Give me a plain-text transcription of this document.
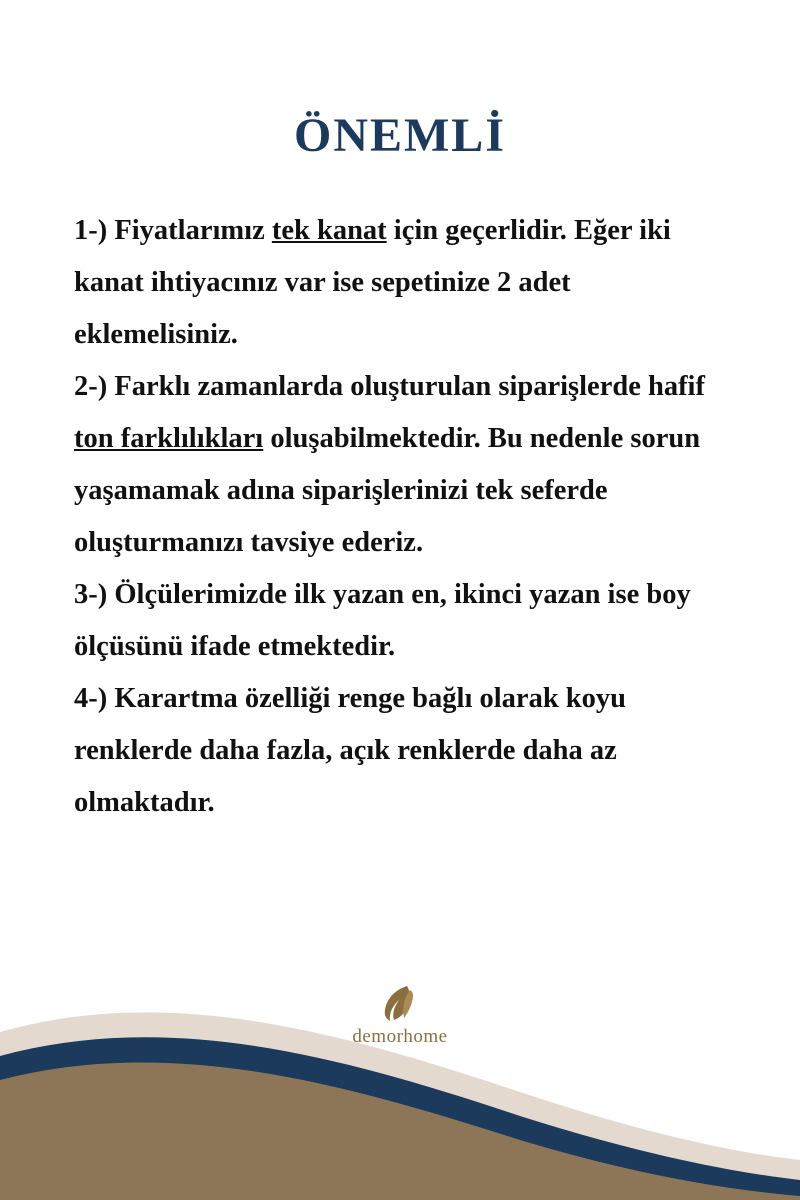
ÖNEMLİ

1-) Fiyatlarımız tek kanat için geçerlidir. Eğer iki kanat ihtiyacınız var ise sepetinize 2 adet eklemelisiniz.

2-) Farklı zamanlarda oluşturulan siparişlerde hafif ton farklılıkları oluşabilmektedir. Bu nedenle sorun yaşamamak adına siparişlerinizi tek seferde oluşturmanızı tavsiye ederiz.

3-) Ölçülerimizde ilk yazan en, ikinci yazan ise boy ölçüsünü ifade etmektedir.

4-) Karartma özelliği renge bağlı olarak koyu renklerde daha fazla, açık renklerde daha az olmaktadır.

demorhome
